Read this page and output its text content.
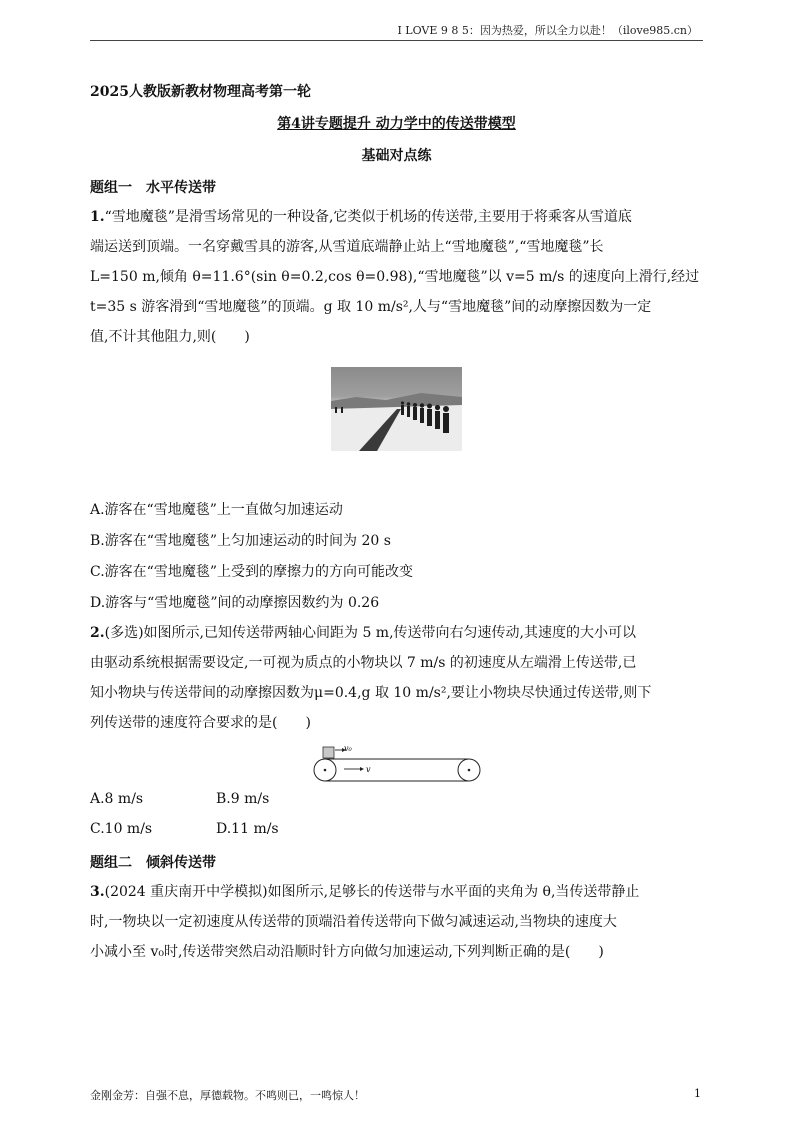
I LOVE 9 8 5：因为热爱，所以全力以赴！（ilove985.cn）
2025人教版新教材物理高考第一轮
第4讲专题提升 动力学中的传送带模型
基础对点练
题组一　水平传送带
1.“雪地魔毯”是滑雪场常见的一种设备,它类似于机场的传送带,主要用于将乘客从雪道底
端运送到顶端。一名穿戴雪具的游客,从雪道底端静止站上“雪地魔毯”,“雪地魔毯”长
L=150 m,倾角 θ=11.6°(sin θ=0.2,cos θ=0.98),“雪地魔毯”以 v=5 m/s 的速度向上滑行,经过
t=35 s 游客滑到“雪地魔毯”的顶端。g 取 10 m/s²,人与“雪地魔毯”间的动摩擦因数为一定
值,不计其他阻力,则(　　)
A.游客在“雪地魔毯”上一直做匀加速运动
B.游客在“雪地魔毯”上匀加速运动的时间为 20 s
C.游客在“雪地魔毯”上受到的摩擦力的方向可能改变
D.游客与“雪地魔毯”间的动摩擦因数约为 0.26
2.(多选)如图所示,已知传送带两轴心间距为 5 m,传送带向右匀速传动,其速度的大小可以
由驱动系统根据需要设定,一可视为质点的小物块以 7 m/s 的初速度从左端滑上传送带,已
知小物块与传送带间的动摩擦因数为μ=0.4,g 取 10 m/s²,要让小物块尽快通过传送带,则下
列传送带的速度符合要求的是(　　)
v₀
v
A.8 m/s	B.9 m/s
C.10 m/s	D.11 m/s
题组二　倾斜传送带
3.(2024 重庆南开中学模拟)如图所示,足够长的传送带与水平面的夹角为 θ,当传送带静止
时,一物块以一定初速度从传送带的顶端沿着传送带向下做匀减速运动,当物块的速度大
小减小至 v₀时,传送带突然启动沿顺时针方向做匀加速运动,下列判断正确的是(　　)
金刚金芳：自强不息，厚德载物。不鸣则已，一鸣惊人！	1
